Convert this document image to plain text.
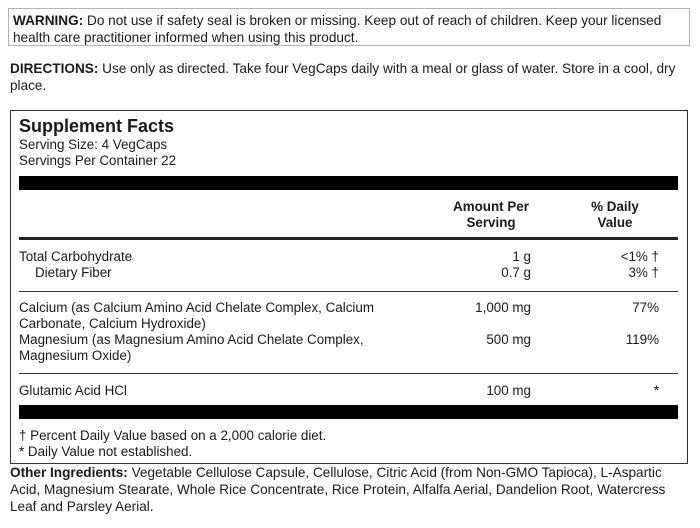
WARNING: Do not use if safety seal is broken or missing. Keep out of reach of children. Keep your licensed health care practitioner informed when using this product.
DIRECTIONS: Use only as directed. Take four VegCaps daily with a meal or glass of water. Store in a cool, dry place.
Supplement Facts
Serving Size: 4 VegCaps
Servings Per Container 22
Amount Per
Serving
% Daily
Value
Total Carbohydrate	1 g	<1% †
Dietary Fiber	0.7 g	3% †
Calcium (as Calcium Amino Acid Chelate Complex, Calcium
Carbonate, Calcium Hydroxide)
1,000 mg	77%
Magnesium (as Magnesium Amino Acid Chelate Complex,
Magnesium Oxide)
500 mg	119%
Glutamic Acid HCl	100 mg	*
† Percent Daily Value based on a 2,000 calorie diet.
* Daily Value not established.
Other Ingredients: Vegetable Cellulose Capsule, Cellulose, Citric Acid (from Non-GMO Tapioca), L-Aspartic Acid, Magnesium Stearate, Whole Rice Concentrate, Rice Protein, Alfalfa Aerial, Dandelion Root, Watercress Leaf and Parsley Aerial.
